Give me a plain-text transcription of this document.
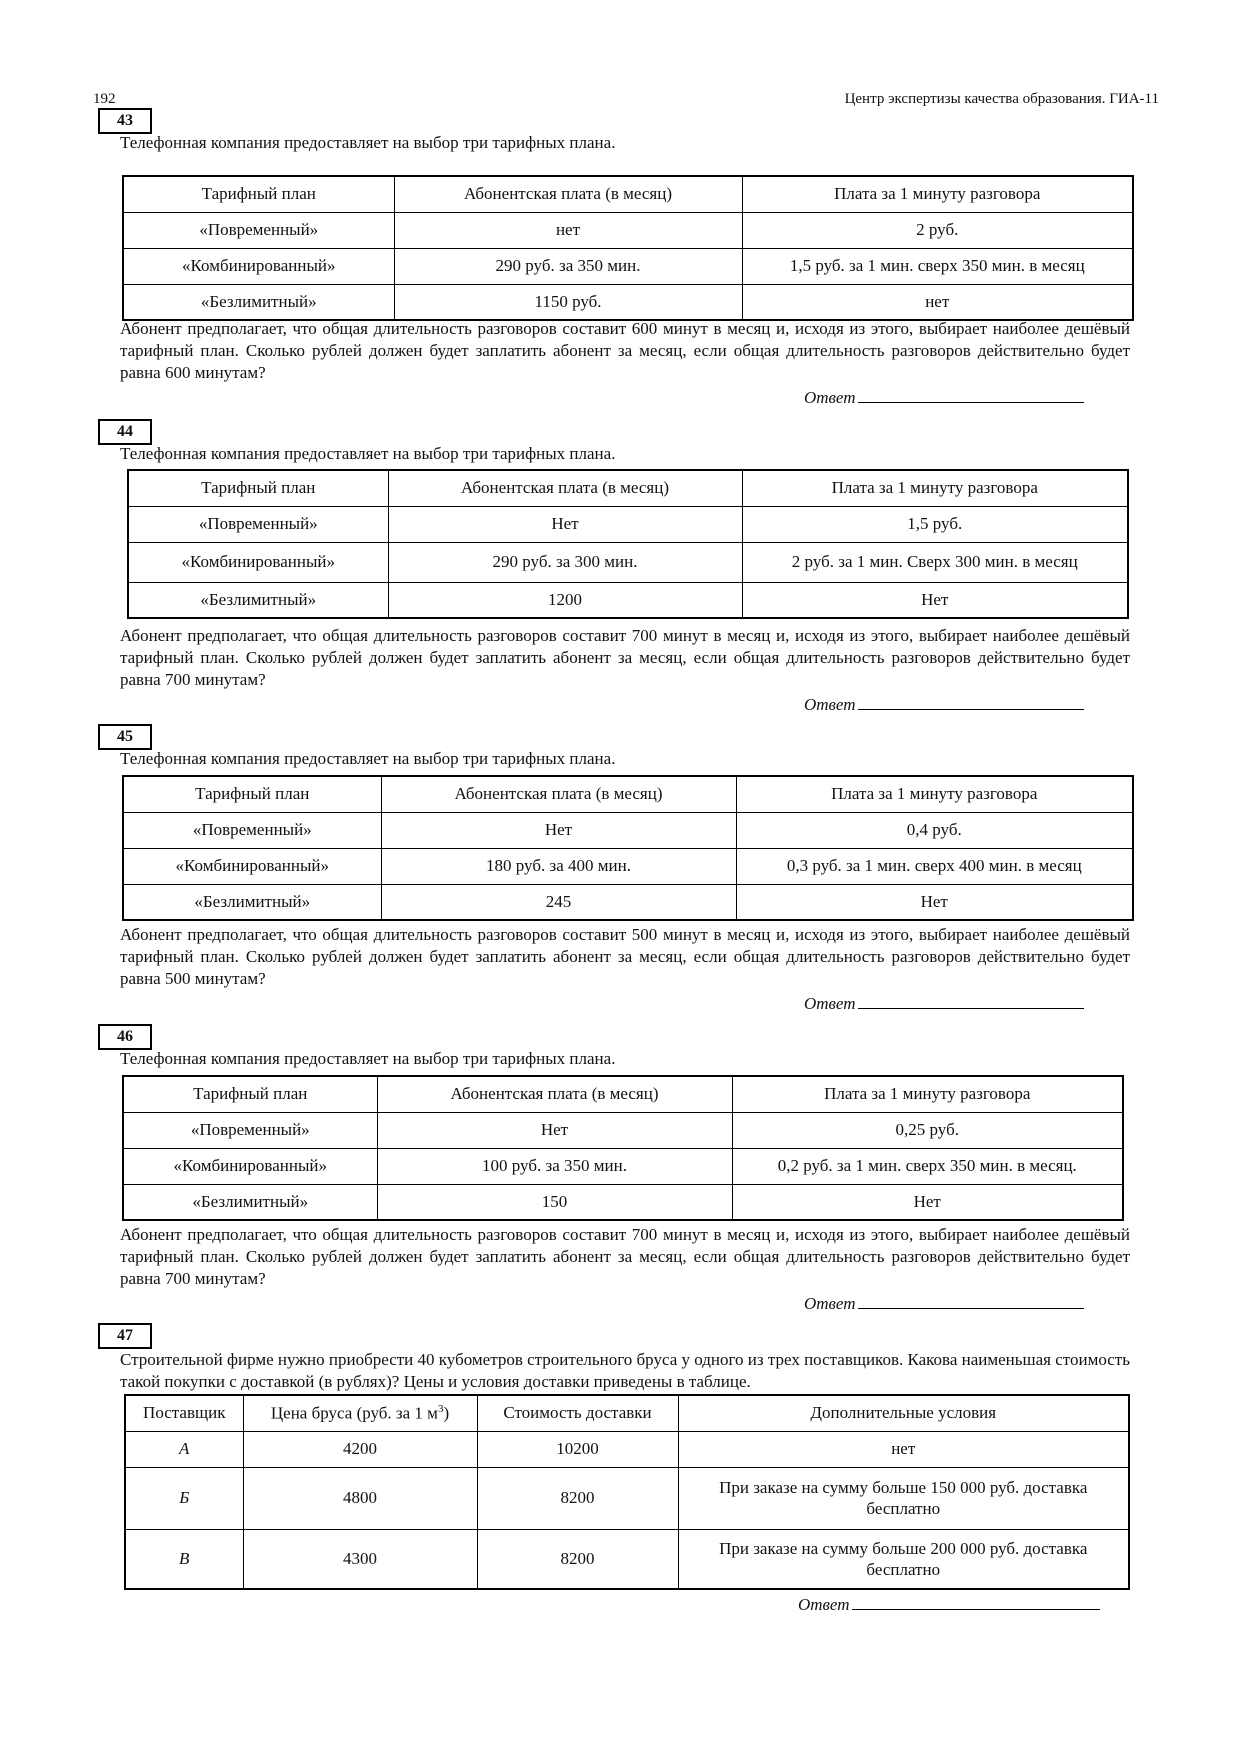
192	Центр экспертизы качества образования. ГИА-11
43
Телефонная компания предоставляет на выбор три тарифных плана.
Тарифный план	Абонентская плата (в месяц)	Плата за 1 минуту разговора
«Повременный»	нет	2 руб.
«Комбинированный»	290 руб. за 350 мин.	1,5 руб. за 1 мин. сверх 350 мин. в месяц
«Безлимитный»	1150 руб.	нет
Абонент предполагает, что общая длительность разговоров составит 600 минут в месяц и, исходя из этого, выбирает наиболее дешёвый тарифный план. Сколько рублей должен будет заплатить абонент за месяц, если общая длительность разговоров действительно будет равна 600 минутам?
Ответ
44
Телефонная компания предоставляет на выбор три тарифных плана.
Тарифный план	Абонентская плата (в месяц)	Плата за 1 минуту разговора
«Повременный»	Нет	1,5 руб.
«Комбинированный»	290 руб. за 300 мин.	2 руб. за 1 мин. Сверх 300 мин. в месяц
«Безлимитный»	1200	Нет
Абонент предполагает, что общая длительность разговоров составит 700 минут в месяц и, исходя из этого, выбирает наиболее дешёвый тарифный план. Сколько рублей должен будет заплатить абонент за месяц, если общая длительность разговоров действительно будет равна 700 минутам?
Ответ
45
Телефонная компания предоставляет на выбор три тарифных плана.
Тарифный план	Абонентская плата (в месяц)	Плата за 1 минуту разговора
«Повременный»	Нет	0,4 руб.
«Комбинированный»	180 руб. за 400 мин.	0,3 руб. за 1 мин. сверх 400 мин. в месяц
«Безлимитный»	245	Нет
Абонент предполагает, что общая длительность разговоров составит 500 минут в месяц и, исходя из этого, выбирает наиболее дешёвый тарифный план. Сколько рублей должен будет заплатить абонент за месяц, если общая длительность разговоров действительно будет равна 500 минутам?
Ответ
46
Телефонная компания предоставляет на выбор три тарифных плана.
Тарифный план	Абонентская плата (в месяц)	Плата за 1 минуту разговора
«Повременный»	Нет	0,25 руб.
«Комбинированный»	100 руб. за 350 мин.	0,2 руб. за 1 мин. сверх 350 мин. в месяц.
«Безлимитный»	150	Нет
Абонент предполагает, что общая длительность разговоров составит 700 минут в месяц и, исходя из этого, выбирает наиболее дешёвый тарифный план. Сколько рублей должен будет заплатить абонент за месяц, если общая длительность разговоров действительно будет равна 700 минутам?
Ответ
47
Строительной фирме нужно приобрести 40 кубометров строительного бруса у одного из трех поставщиков. Какова наименьшая стоимость такой покупки с доставкой (в рублях)? Цены и условия доставки приведены в таблице.
Поставщик	Цена бруса (руб. за 1 $м^3$)	Стоимость доставки	Дополнительные условия
А	4200	10200	нет
Б	4800	8200	При заказе на сумму больше 150 000 руб. доставка бесплатно
В	4300	8200	При заказе на сумму больше 200 000 руб. доставка бесплатно
Ответ
